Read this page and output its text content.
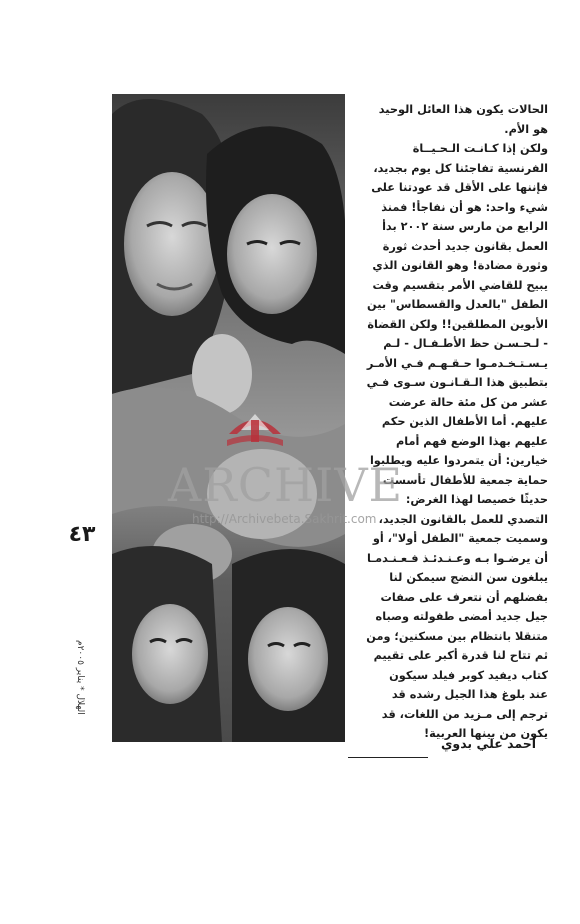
الحالات يكون هذا العائل الوحيد

هو الأم.

ولكن إذا كـانـت الـحـيــاة

الفرنسية تفاجئنا كل يوم بجديد،

فإننها على الأقل قد عودتنا على

شيء واحد: هو أن نفاجأ! فمنذ

الرابع من مارس سنة ٢٠٠٢ بدأ

العمل بقانون جديد أحدث ثورة

وثورة مضادة! وهو القانون الذي

يبيح للقاضي الأمر بتقسيم وقت

الطفل "بالعدل والقسطاس" بين

الأبوين المطلقين!! ولكن القضاة

- لـحـسـن حظ الأطـفـال - لـم

يـسـتـخـدمـوا حـقـهـم فـي الأمـر

بتطبيق هذا الـقـانـون سـوى فـي

عشر من كل مئة حالة عرضت

عليهم. أما الأطفال الذين حكم

عليهم بهذا الوضع فهم أمام

خيارين: أن يتمردوا عليه ويطلبوا

حماية جمعية للأطفال تأسست

حديثًا خصيصا لهذا الغرض:

التصدي للعمل بالقانون الجديد،

وسميت جمعية "الطفل أولا"، أو

أن يرضـوا بـه وعـنـدئـذ فـعـنـدمـا

يبلغون سن النضج سيمكن لنا

بفضلهم أن نتعرف على صفات

جيل جديد أمضى طفولته وصباه

متنقلا بانتظام بين مسكنين؛ ومن

ثم تتاح لنا قدرة أكبر على تقييم

كتاب ديفيد كوبر فيلد سيكون

عند بلوغ هذا الجيل رشده قد

ترجم إلى مـزيد من اللغات، قد

يكون من بينها العربية!

أحمد علي بدوي
٤٣
الهلال * يناير ٢٠٠٥م
ARCHIVE
http://Archivebeta.Sakhrit.com
